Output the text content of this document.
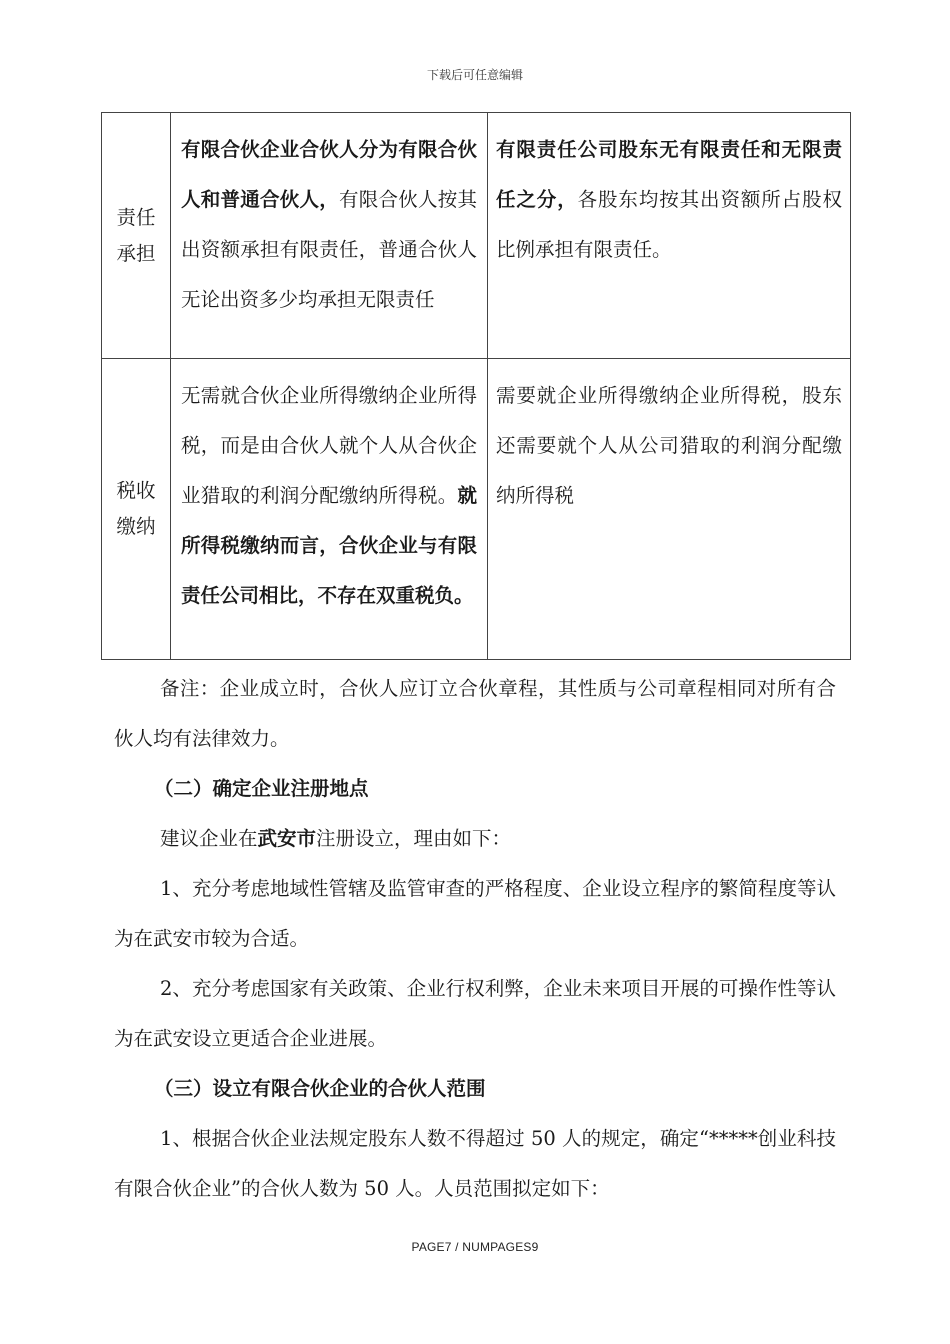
下载后可任意编辑
责任
承担	有限合伙企业合伙人分为有限合伙人和普通合伙人，有限合伙人按其出资额承担有限责任，普通合伙人无论出资多少均承担无限责任	有限责任公司股东无有限责任和无限责任之分，各股东均按其出资额所占股权比例承担有限责任。

税收
缴纳	无需就合伙企业所得缴纳企业所得税，而是由合伙人就个人从合伙企业猎取的利润分配缴纳所得税。就所得税缴纳而言，合伙企业与有限责任公司相比，不存在双重税负。	需要就企业所得缴纳企业所得税，股东还需要就个人从公司猎取的利润分配缴纳所得税

备注：企业成立时，合伙人应订立合伙章程，其性质与公司章程相同对所有合伙人均有法律效力。

（二）确定企业注册地点

建议企业在武安市注册设立，理由如下：

1、充分考虑地域性管辖及监管审查的严格程度、企业设立程序的繁简程度等认为在武安市较为合适。

2、充分考虑国家有关政策、企业行权利弊，企业未来项目开展的可操作性等认为在武安设立更适合企业进展。

（三）设立有限合伙企业的合伙人范围

1、根据合伙企业法规定股东人数不得超过 50 人的规定，确定“*****创业科技有限合伙企业”的合伙人数为 50 人。人员范围拟定如下：

PAGE7 / NUMPAGES9
